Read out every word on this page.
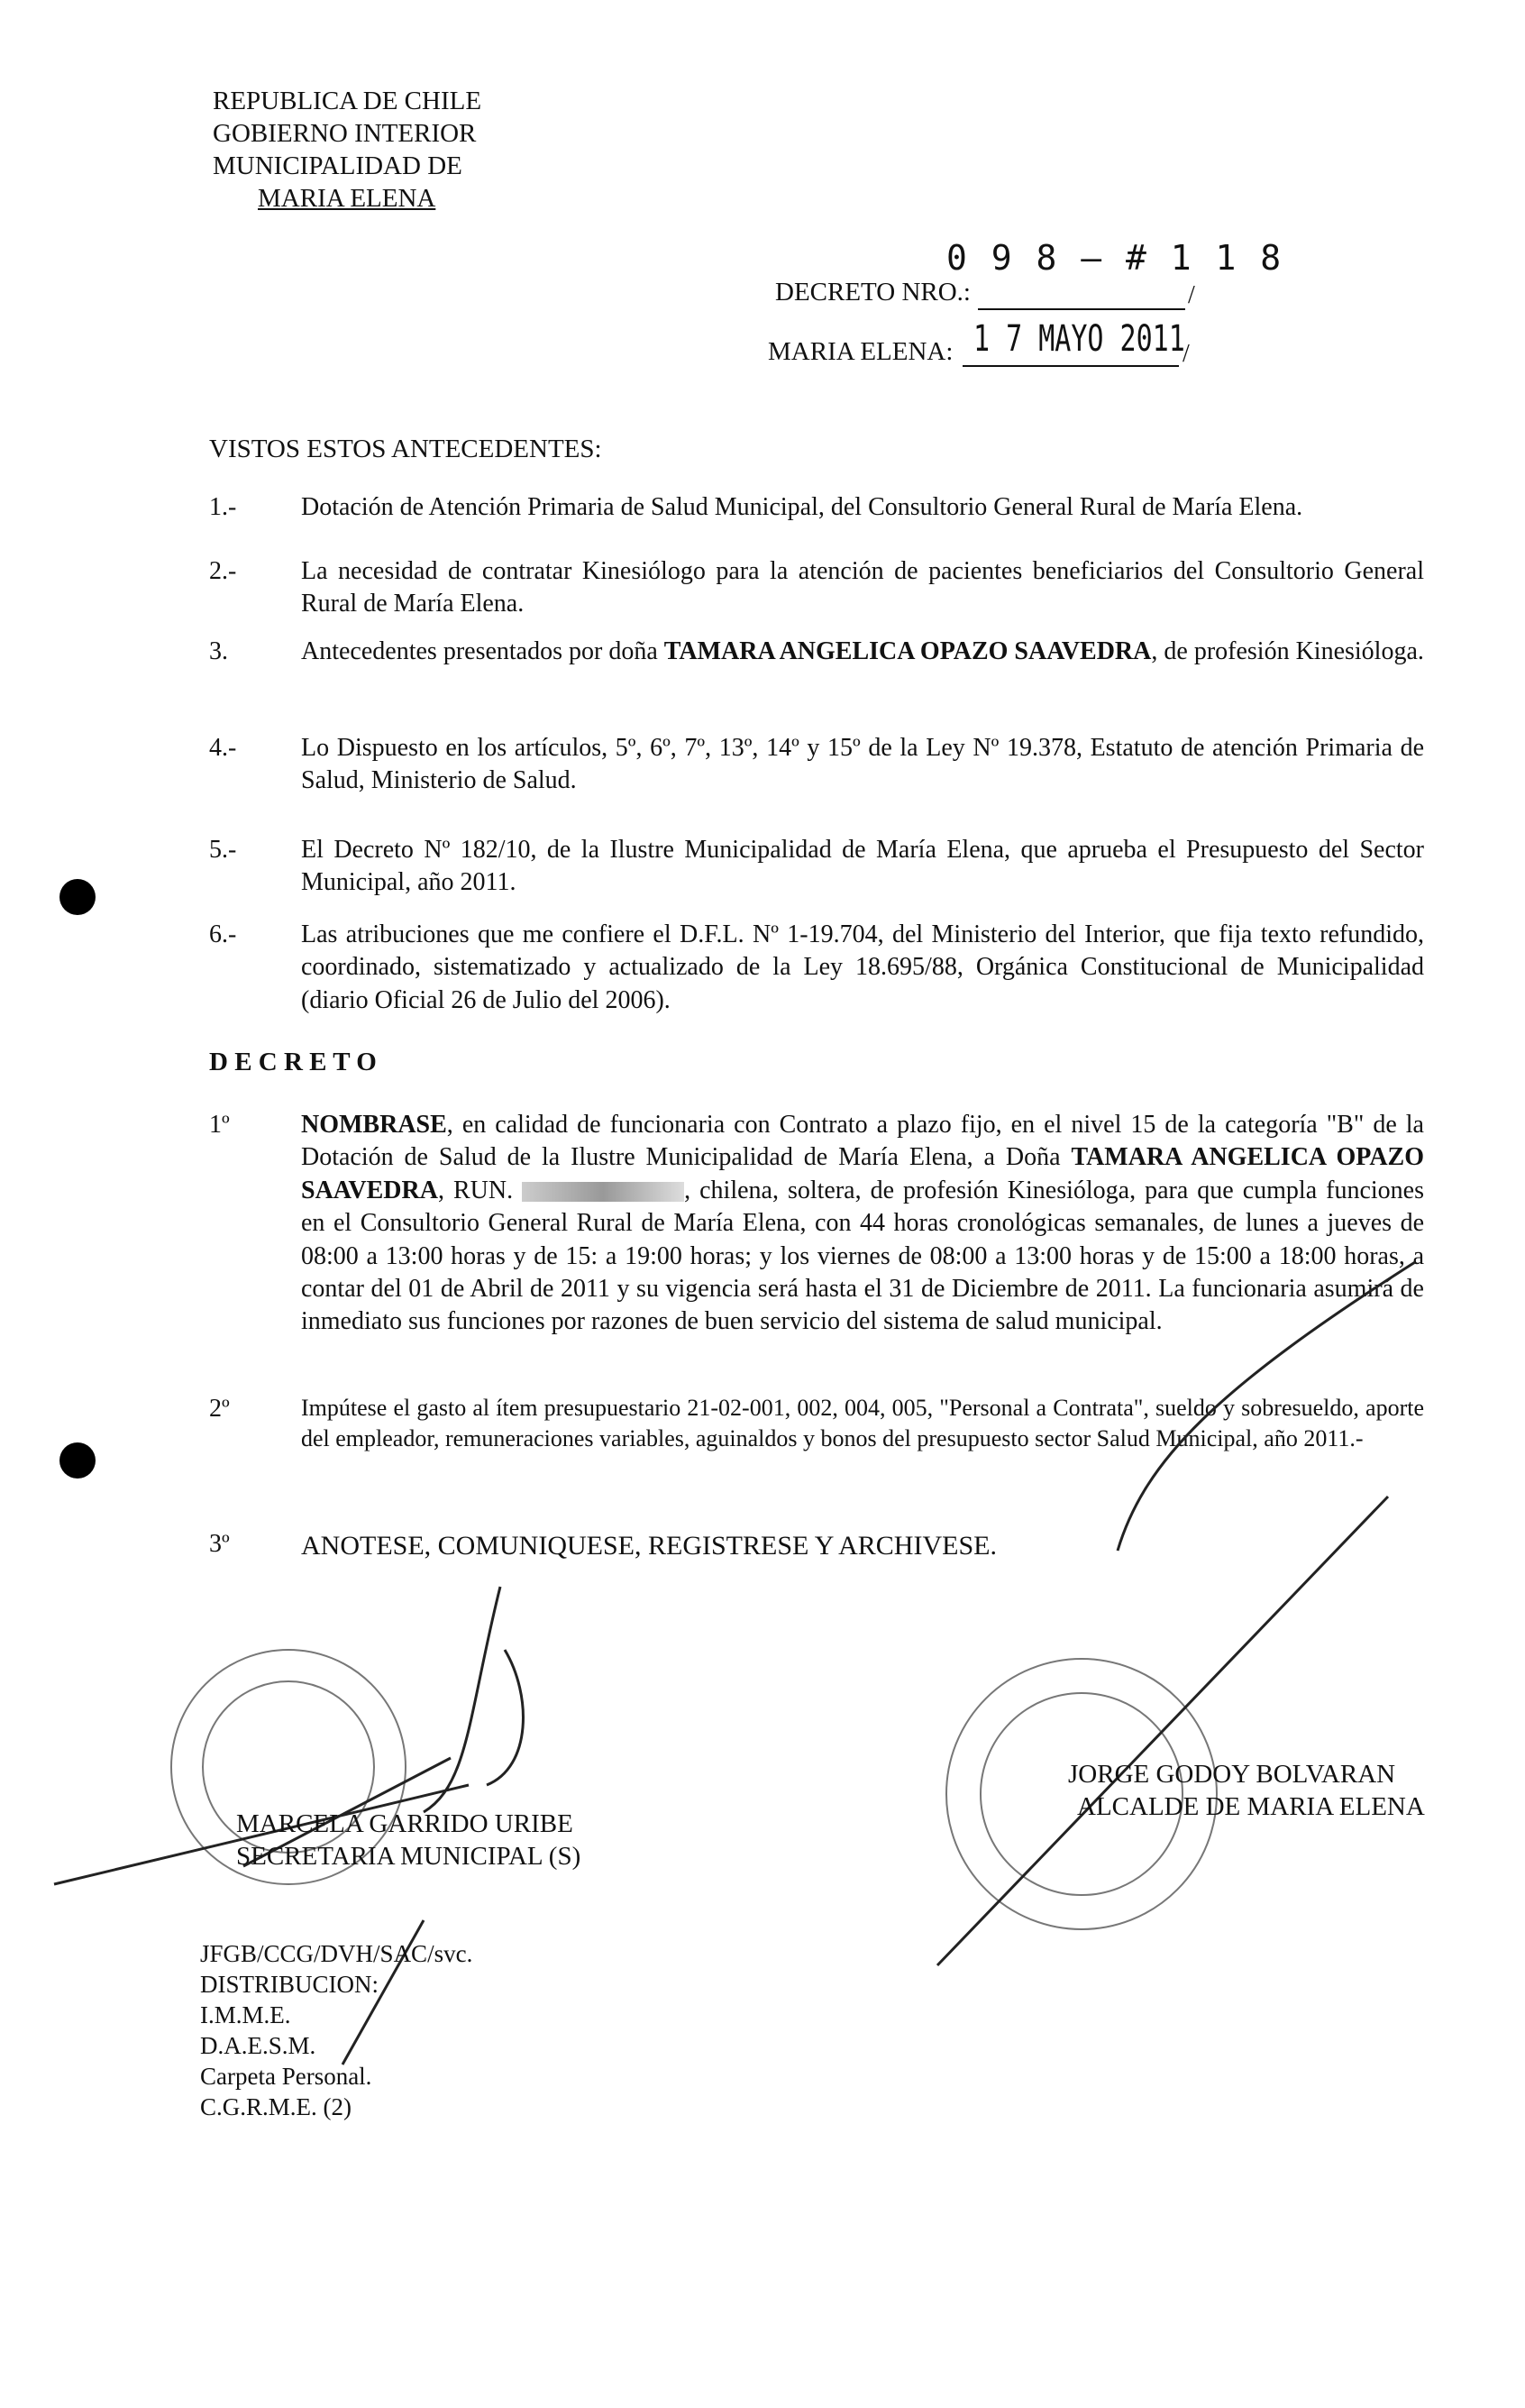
REPUBLICA DE CHILE
GOBIERNO INTERIOR
MUNICIPALIDAD DE
MARIA ELENA
0 9 8 — # 1 1 8
DECRETO NRO.:	/
MARIA ELENA: 1 7 MAYO 2011
/
VISTOS ESTOS ANTECEDENTES:
1.-	Dotación de Atención Primaria de Salud Municipal, del Consultorio General Rural de María Elena.
2.-	La necesidad de contratar Kinesiólogo para la atención de pacientes beneficiarios del Consultorio General Rural de María Elena.
3.	Antecedentes presentados por doña TAMARA ANGELICA OPAZO SAAVEDRA, de profesión Kinesióloga.
4.-	Lo Dispuesto en los artículos, 5º, 6º, 7º, 13º, 14º y 15º de la Ley Nº 19.378, Estatuto de atención Primaria de Salud, Ministerio de Salud.
5.-	El Decreto Nº 182/10, de la Ilustre Municipalidad de María Elena, que aprueba el Presupuesto del Sector Municipal, año 2011.
6.-	Las atribuciones que me confiere el D.F.L. Nº 1-19.704, del Ministerio del Interior, que fija texto refundido, coordinado, sistematizado y actualizado de la Ley 18.695/88, Orgánica Constitucional de Municipalidad (diario Oficial 26 de Julio del 2006).
D E C R E T O
1º	NOMBRASE, en calidad de funcionaria con Contrato a plazo fijo, en el nivel 15 de la categoría "B" de la Dotación de Salud de la Ilustre Municipalidad de María Elena, a Doña TAMARA ANGELICA OPAZO SAAVEDRA, RUN.	, chilena, soltera, de profesión Kinesióloga, para que cumpla funciones en el Consultorio General Rural de María Elena, con 44 horas cronológicas semanales, de lunes a jueves de 08:00 a 13:00 horas y de 15: a 19:00 horas; y los viernes de 08:00 a 13:00 horas y de 15:00 a 18:00 horas, a contar del 01 de Abril de 2011 y su vigencia será hasta el 31 de Diciembre de 2011. La funcionaria asumirá de inmediato sus funciones por razones de buen servicio del sistema de salud municipal.
2º	Impútese el gasto al ítem presupuestario 21-02-001, 002, 004, 005, "Personal a Contrata", sueldo y sobresueldo, aporte del empleador, remuneraciones variables, aguinaldos y bonos del presupuesto sector Salud Municipal, año 2011.-
3º	ANOTESE, COMUNIQUESE, REGISTRESE Y ARCHIVESE.
MARCELA GARRIDO URIBE
SECRETARIA MUNICIPAL (S)
JORGE GODOY BOLVARAN
ALCALDE DE MARIA ELENA
JFGB/CCG/DVH/SAC/svc.
DISTRIBUCION:
I.M.M.E.
D.A.E.S.M.
Carpeta Personal.
C.G.R.M.E. (2)
